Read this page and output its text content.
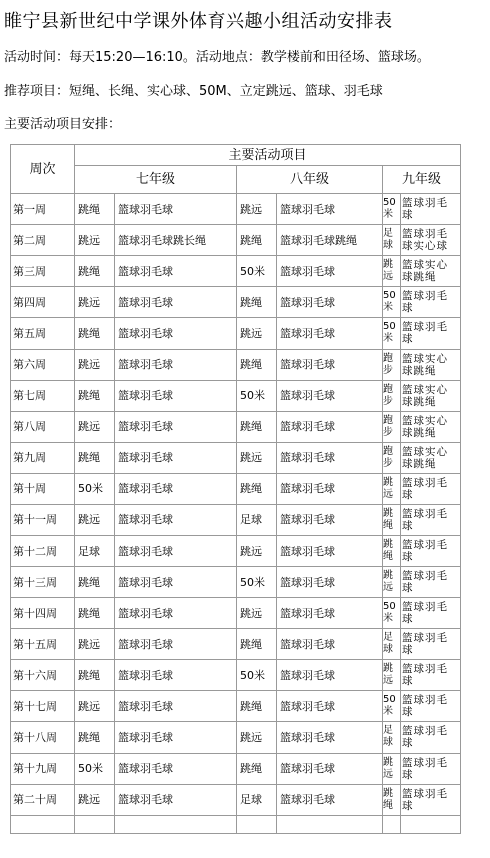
睢宁县新世纪中学课外体育兴趣小组活动安排表
活动时间：每天15:20—16:10。活动地点：教学楼前和田径场、篮球场。
推荐项目：短绳、长绳、实心球、50M、立定跳远、篮球、羽毛球
主要活动项目安排：
周次	主要活动项目					
	七年级		八年级		九年级	
第一周	跳绳	篮球羽毛球	跳远	篮球羽毛球	50米	篮球羽毛球
第二周	跳远	篮球羽毛球跳长绳	跳绳	篮球羽毛球跳绳	足球	篮球羽毛球实心球
第三周	跳绳	篮球羽毛球	50米	篮球羽毛球	跳远	篮球实心球跳绳
第四周	跳远	篮球羽毛球	跳绳	篮球羽毛球	50米	篮球羽毛球
第五周	跳绳	篮球羽毛球	跳远	篮球羽毛球	50米	篮球羽毛球
第六周	跳远	篮球羽毛球	跳绳	篮球羽毛球	跑步	篮球实心球跳绳
第七周	跳绳	篮球羽毛球	50米	篮球羽毛球	跑步	篮球实心球跳绳
第八周	跳远	篮球羽毛球	跳绳	篮球羽毛球	跑步	篮球实心球跳绳
第九周	跳绳	篮球羽毛球	跳远	篮球羽毛球	跑步	篮球实心球跳绳
第十周	50米	篮球羽毛球	跳绳	篮球羽毛球	跳远	篮球羽毛球
第十一周	跳远	篮球羽毛球	足球	篮球羽毛球	跳绳	篮球羽毛球
第十二周	足球	篮球羽毛球	跳远	篮球羽毛球	跳绳	篮球羽毛球
第十三周	跳绳	篮球羽毛球	50米	篮球羽毛球	跳远	篮球羽毛球
第十四周	跳绳	篮球羽毛球	跳远	篮球羽毛球	50米	篮球羽毛球
第十五周	跳远	篮球羽毛球	跳绳	篮球羽毛球	足球	篮球羽毛球
第十六周	跳绳	篮球羽毛球	50米	篮球羽毛球	跳远	篮球羽毛球
第十七周	跳远	篮球羽毛球	跳绳	篮球羽毛球	50米	篮球羽毛球
第十八周	跳绳	篮球羽毛球	跳远	篮球羽毛球	足球	篮球羽毛球
第十九周	50米	篮球羽毛球	跳绳	篮球羽毛球	跳远	篮球羽毛球
第二十周	跳远	篮球羽毛球	足球	篮球羽毛球	跳绳	篮球羽毛球
